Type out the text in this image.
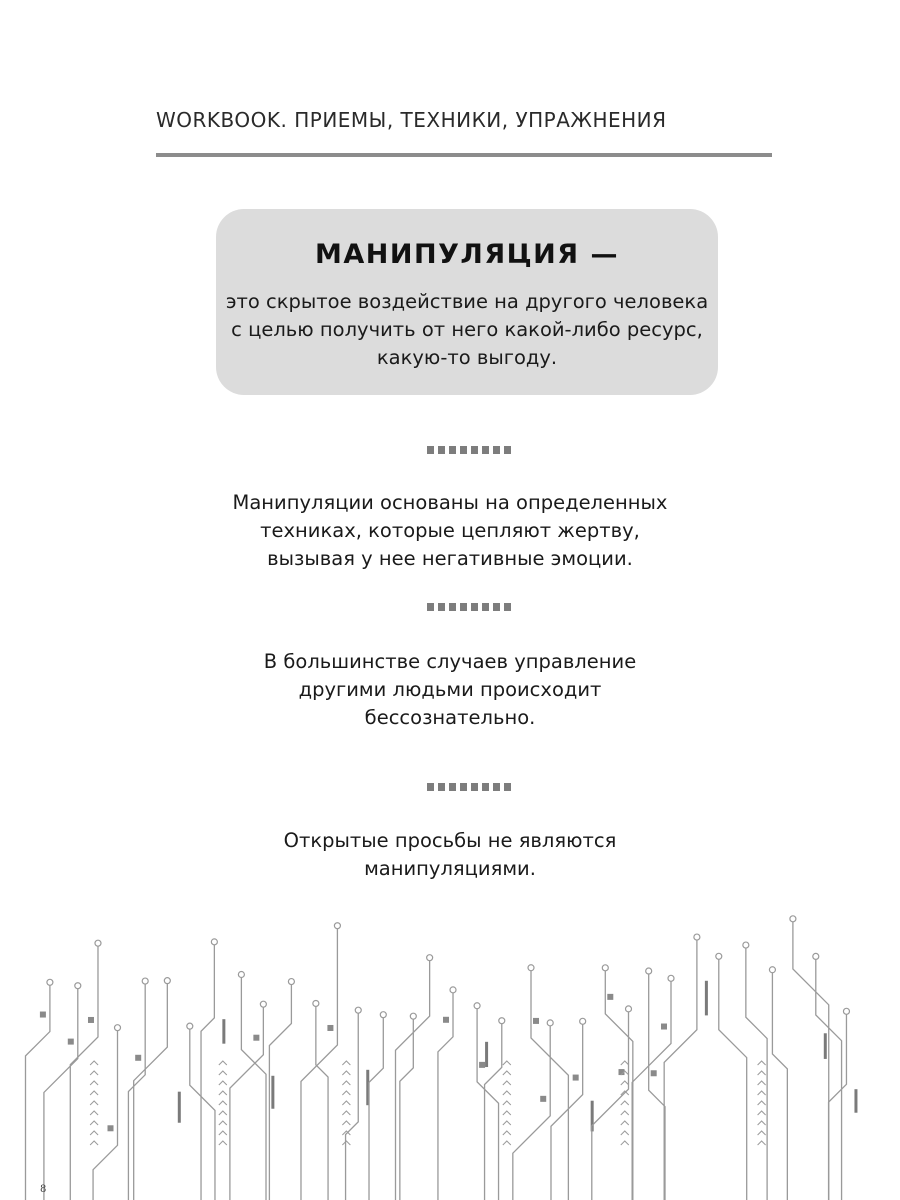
WORKBOOK. ПРИЕМЫ, ТЕХНИКИ, УПРАЖНЕНИЯ
МАНИПУЛЯЦИЯ —
это скрытое воздействие на другого человека
с целью получить от него какой-либо ресурс,
какую-то выгоду.
Манипуляции основаны на определенных
техниках, которые цепляют жертву,
вызывая у нее негативные эмоции.
В большинстве случаев управление
другими людьми происходит
бессознательно.
Открытые просьбы не являются
манипуляциями.
8
